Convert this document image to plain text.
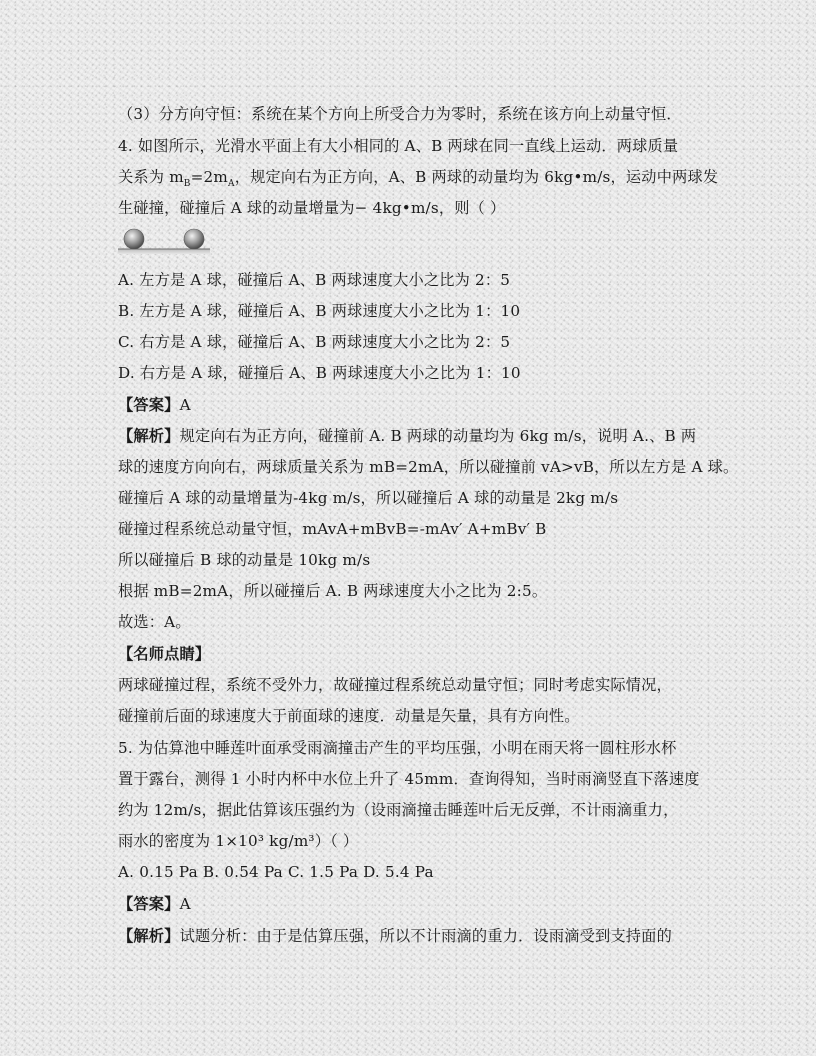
（3）分方向守恒：系统在某个方向上所受合力为零时，系统在该方向上动量守恒．
4. 如图所示，光滑水平面上有大小相同的 A、B 两球在同一直线上运动．两球质量
关系为 $m_B=2m_A$，规定向右为正方向，A、B 两球的动量均为 6kg•m/s，运动中两球发
生碰撞，碰撞后 A 球的动量增量为− 4kg•m/s，则（ ）
A. 左方是 A 球，碰撞后 A、B 两球速度大小之比为 2：5
B. 左方是 A 球，碰撞后 A、B 两球速度大小之比为 1：10
C. 右方是 A 球，碰撞后 A、B 两球速度大小之比为 2：5
D. 右方是 A 球，碰撞后 A、B 两球速度大小之比为 1：10
【答案】A
【解析】规定向右为正方向，碰撞前 A. B 两球的动量均为 6kg m/s，说明 A.、B 两
球的速度方向向右，两球质量关系为 mB=2mA，所以碰撞前 vA>vB，所以左方是 A 球。
碰撞后 A 球的动量增量为-4kg m/s，所以碰撞后 A 球的动量是 2kg m/s
碰撞过程系统总动量守恒，mAvA+mBvB=-mAv′ A+mBv′ B
所以碰撞后 B 球的动量是 10kg m/s
根据 mB=2mA，所以碰撞后 A. B 两球速度大小之比为 2:5。
故选：A。
【名师点睛】
两球碰撞过程，系统不受外力，故碰撞过程系统总动量守恒；同时考虑实际情况，
碰撞前后面的球速度大于前面球的速度．动量是矢量，具有方向性。
5. 为估算池中睡莲叶面承受雨滴撞击产生的平均压强，小明在雨天将一圆柱形水杯
置于露台，测得 1 小时内杯中水位上升了 45mm．查询得知，当时雨滴竖直下落速度
约为 12m/s，据此估算该压强约为（设雨滴撞击睡莲叶后无反弹，不计雨滴重力，
雨水的密度为 1×10³ kg/m³）（ ）
A. 0.15 Pa B. 0.54 Pa C. 1.5 Pa D. 5.4 Pa
【答案】A
【解析】试题分析：由于是估算压强，所以不计雨滴的重力．设雨滴受到支持面的
